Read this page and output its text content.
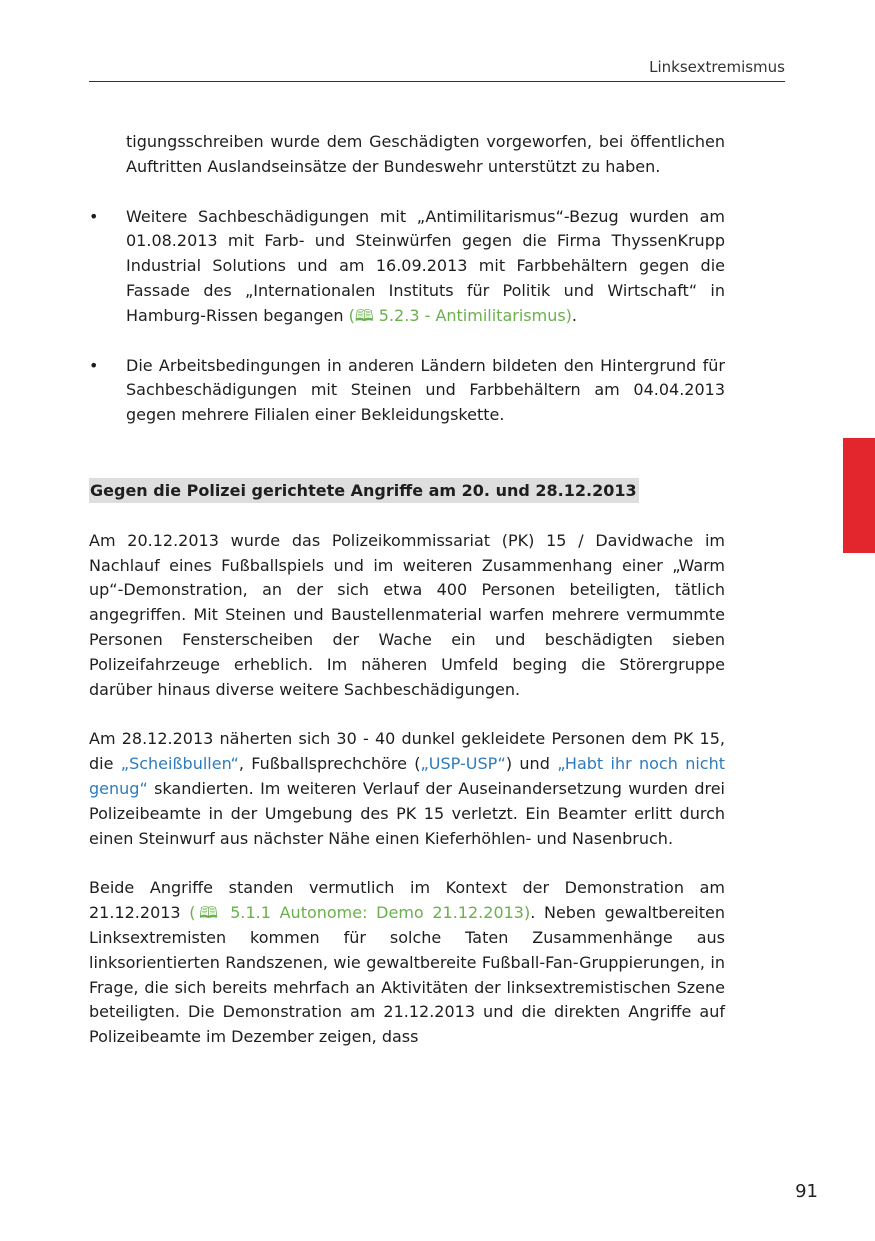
Linksextremismus

tigungsschreiben wurde dem Geschädigten vorgeworfen, bei öffentlichen Auftritten Auslandseinsätze der Bundeswehr unterstützt zu haben.

• Weitere Sachbeschädigungen mit „Antimilitarismus“-Bezug wurden am 01.08.2013 mit Farb- und Steinwürfen gegen die Firma ThyssenKrupp Industrial Solutions und am 16.09.2013 mit Farbbehältern gegen die Fassade des „Internationalen Instituts für Politik und Wirtschaft“ in Hamburg-Rissen begangen (🕮 5.2.3 - Antimilitarismus).
• Die Arbeitsbedingungen in anderen Ländern bildeten den Hintergrund für Sachbeschädigungen mit Steinen und Farbbehältern am 04.04.2013 gegen mehrere Filialen einer Bekleidungskette.

Gegen die Polizei gerichtete Angriffe am 20. und 28.12.2013

Am 20.12.2013 wurde das Polizeikommissariat (PK) 15 / Davidwache im Nachlauf eines Fußballspiels und im weiteren Zusammenhang einer „Warm up“-Demonstration, an der sich etwa 400 Personen beteiligten, tätlich angegriffen. Mit Steinen und Baustellenmaterial warfen mehrere vermummte Personen Fensterscheiben der Wache ein und beschädigten sieben Polizeifahrzeuge erheblich. Im näheren Umfeld beging die Störergruppe darüber hinaus diverse weitere Sachbeschädigungen.

Am 28.12.2013 näherten sich 30 - 40 dunkel gekleidete Personen dem PK 15, die „Scheißbullen“, Fußballsprechchöre („USP-USP“) und „Habt ihr noch nicht genug“ skandierten. Im weiteren Verlauf der Auseinandersetzung wurden drei Polizeibeamte in der Umgebung des PK 15 verletzt. Ein Beamter erlitt durch einen Steinwurf aus nächster Nähe einen Kieferhöhlen- und Nasenbruch.

Beide Angriffe standen vermutlich im Kontext der Demonstration am 21.12.2013 (🕮 5.1.1 Autonome: Demo 21.12.2013). Neben gewaltbereiten Linksextremisten kommen für solche Taten Zusammenhänge aus linksorientierten Randszenen, wie gewaltbereite Fußball-Fan-Gruppierungen, in Frage, die sich bereits mehrfach an Aktivitäten der linksextremistischen Szene beteiligten. Die Demonstration am 21.12.2013 und die direkten Angriffe auf Polizeibeamte im Dezember zeigen, dass

91
